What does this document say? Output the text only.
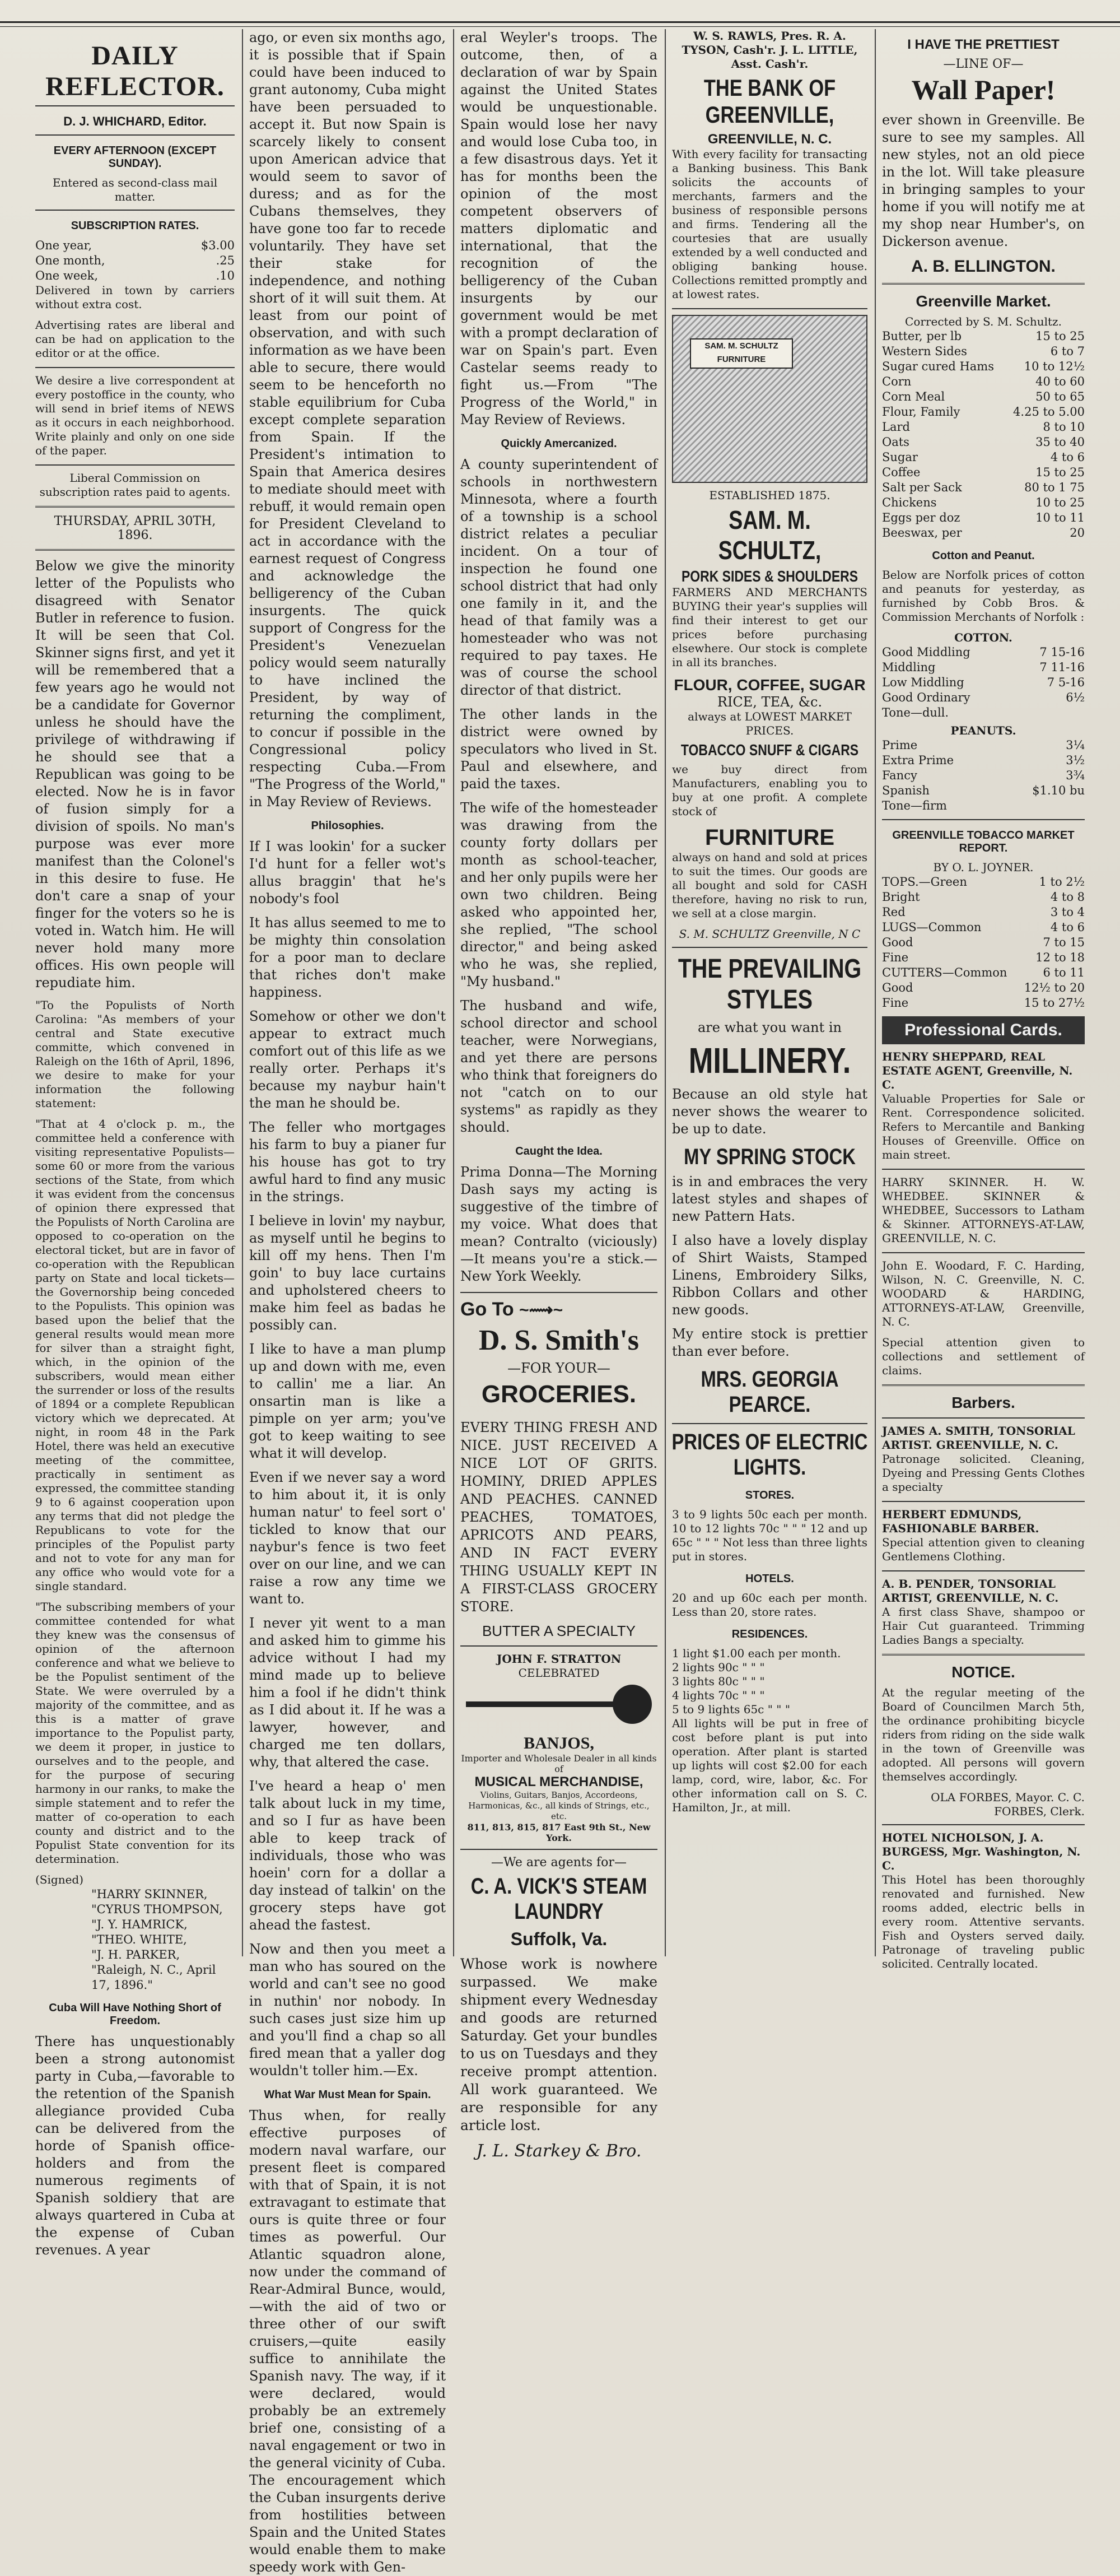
DAILY REFLECTOR.
D. J. WHICHARD, Editor.
EVERY AFTERNOON (EXCEPT SUNDAY).
Entered as second-class mail matter.
SUBSCRIPTION RATES.
One year,	$3.00
One month,	.25
One week,	.10

Delivered in town by carriers without extra cost.

Advertising rates are liberal and can be had on application to the editor or at the office.

We desire a live correspondent at every postoffice in the county, who will send in brief items of NEWS as it occurs in each neighborhood. Write plainly and only on one side of the paper.

Liberal Commission on subscription rates paid to agents.

THURSDAY, APRIL 30TH, 1896.

Below we give the minority letter of the Populists who disagreed with Senator Butler in reference to fusion. It will be seen that Col. Skinner signs first, and yet it will be remembered that a few years ago he would not be a candidate for Governor unless he should have the privilege of withdrawing if he should see that a Republican was going to be elected. Now he is in favor of fusion simply for a division of spoils. No man's purpose was ever more manifest than the Colonel's in this desire to fuse. He don't care a snap of your finger for the voters so he is voted in. Watch him. He will never hold many more offices. His own people will repudiate him.

"To the Populists of North Carolina: "As members of your central and State executive committe, which convened in Raleigh on the 16th of April, 1896, we desire to make for your information the following statement:

"That at 4 o'clock p. m., the committee held a conference with visiting representative Populists—some 60 or more from the various sections of the State, from which it was evident from the concensus of opinion there expressed that the Populists of North Carolina are opposed to co-operation on the electoral ticket, but are in favor of co-operation with the Republican party on State and local tickets—the Governorship being conceded to the Populists. This opinion was based upon the belief that the general results would mean more for silver than a straight fight, which, in the opinion of the subscribers, would mean either the surrender or loss of the results of 1894 or a complete Republican victory which we deprecated. At night, in room 48 in the Park Hotel, there was held an executive meeting of the committee, practically in sentiment as expressed, the committee standing 9 to 6 against cooperation upon any terms that did not pledge the Republicans to vote for the principles of the Populist party and not to vote for any man for any office who would vote for a single standard.

"The subscribing members of your committee contended for what they knew was the consensus of opinion of the afternoon conference and what we believe to be the Populist sentiment of the State. We were overruled by a majority of the committee, and as this is a matter of grave importance to the Populist party, we deem it proper, in justice to ourselves and to the people, and for the purpose of securing harmony in our ranks, to make the simple statement and to refer the matter of co-operation to each county and district and to the Populist State convention for its determination.

(Signed)
"HARRY SKINNER,
"CYRUS THOMPSON,
"J. Y. HAMRICK,
"THEO. WHITE,
"J. H. PARKER,
"Raleigh, N. C., April 17, 1896."
Cuba Will Have Nothing Short of Freedom.

There has unquestionably been a strong autonomist party in Cuba,—favorable to the retention of the Spanish allegiance provided Cuba can be delivered from the horde of Spanish office-holders and from the numerous regiments of Spanish soldiery that are always quartered in Cuba at the expense of Cuban revenues. A year

ago, or even six months ago, it is possible that if Spain could have been induced to grant autonomy, Cuba might have been persuaded to accept it. But now Spain is scarcely likely to consent upon American advice that would seem to savor of duress; and as for the Cubans themselves, they have gone too far to recede voluntarily. They have set their stake for independence, and nothing short of it will suit them. At least from our point of observation, and with such information as we have been able to secure, there would seem to be henceforth no stable equilibrium for Cuba except complete separation from Spain. If the President's intimation to Spain that America desires to mediate should meet with rebuff, it would remain open for President Cleveland to act in accordance with the earnest request of Congress and acknowledge the belligerency of the Cuban insurgents. The quick support of Congress for the President's Venezuelan policy would seem naturally to have inclined the President, by way of returning the compliment, to concur if possible in the Congressional policy respecting Cuba.—From "The Progress of the World," in May Review of Reviews.

Philosophies.

If I was lookin' for a sucker I'd hunt for a feller wot's allus braggin' that he's nobody's fool

It has allus seemed to me to be mighty thin consolation for a poor man to declare that riches don't make happiness.

Somehow or other we don't appear to extract much comfort out of this life as we really orter. Perhaps it's because my naybur hain't the man he should be.

The feller who mortgages his farm to buy a pianer fur his house has got to try awful hard to find any music in the strings.

I believe in lovin' my naybur, as myself until he begins to kill off my hens. Then I'm goin' to buy lace curtains and upholstered cheers to make him feel as badas he possibly can.

I like to have a man plump up and down with me, even to callin' me a liar. An onsartin man is like a pimple on yer arm; you've got to keep waiting to see what it will develop.

Even if we never say a word to him about it, it is only human natur' to feel sort o' tickled to know that our naybur's fence is two feet over on our line, and we can raise a row any time we want to.

I never yit went to a man and asked him to gimme his advice without I had my mind made up to believe him a fool if he didn't think as I did about it. If he was a lawyer, however, and charged me ten dollars, why, that altered the case.

I've heard a heap o' men talk about luck in my time, and so I fur as have been able to keep track of individuals, those who was hoein' corn for a dollar a day instead of talkin' on the grocery steps have got ahead the fastest.

Now and then you meet a man who has soured on the world and can't see no good in nuthin' nor nobody. In such cases just size him up and you'll find a chap so all fired mean that a yaller dog wouldn't toller him.—Ex.

What War Must Mean for Spain.

Thus when, for really effective purposes of modern naval warfare, our present fleet is compared with that of Spain, it is not extravagant to estimate that ours is quite three or four times as powerful. Our Atlantic squadron alone, now under the command of Rear-Admiral Bunce, would,—with the aid of two or three other of our swift cruisers,—quite easily suffice to annihilate the Spanish navy. The way, if it were declared, would probably be an extremely brief one, consisting of a naval engagement or two in the general vicinity of Cuba. The encouragement which the Cuban insurgents derive from hostilities between Spain and the United States would enable them to make speedy work with Gen-

eral Weyler's troops. The outcome, then, of a declaration of war by Spain against the United States would be unquestionable. Spain would lose her navy and would lose Cuba too, in a few disastrous days. Yet it has for months been the opinion of the most competent observers of matters diplomatic and international, that the recognition of the belligerency of the Cuban insurgents by our government would be met with a prompt declaration of war on Spain's part. Even Castelar seems ready to fight us.—From "The Progress of the World," in May Review of Reviews.

Quickly Amercanized.

A county superintendent of schools in northwestern Minnesota, where a fourth of a township is a school district relates a peculiar incident. On a tour of inspection he found one school district that had only one family in it, and the head of that family was a homesteader who was not required to pay taxes. He was of course the school director of that district.

The other lands in the district were owned by speculators who lived in St. Paul and elsewhere, and paid the taxes.

The wife of the homesteader was drawing from the county forty dollars per month as school-teacher, and her only pupils were her own two children. Being asked who appointed her, she replied, "The school director," and being asked who he was, she replied, "My husband."

The husband and wife, school director and school teacher, were Norwegians, and yet there are persons who think that foreigners do not "catch on to our systems" as rapidly as they should.

Caught the Idea.

Prima Donna—The Morning Dash says my acting is suggestive of the timbre of my voice. What does that mean? Contralto (viciously)—It means you're a stick.—New York Weekly.

Go To ~⟿~
D. S. Smith's
—FOR YOUR—
GROCERIES.

EVERY THING FRESH AND NICE. JUST RECEIVED A NICE LOT OF GRITS. HOMINY, DRIED APPLES AND PEACHES. CANNED PEACHES, TOMATOES, APRICOTS AND PEARS, AND IN FACT EVERY THING USUALLY KEPT IN A FIRST-CLASS GROCERY STORE.

BUTTER A SPECIALTY
JOHN F. STRATTON
CELEBRATED
BANJOS,
Importer and Wholesale Dealer in all kinds of
MUSICAL MERCHANDISE,
Violins, Guitars, Banjos, Accordeons, Harmonicas, &c., all kinds of Strings, etc., etc.
811, 813, 815, 817 East 9th St., New York.
—We are agents for—
C. A. VICK'S STEAM LAUNDRY
Suffolk, Va.

Whose work is nowhere surpassed. We make shipment every Wednesday and goods are returned Saturday. Get your bundles to us on Tuesdays and they receive prompt attention. All work guaranteed. We are responsible for any article lost.

J. L. Starkey & Bro.
W. S. RAWLS, Pres. R. A. TYSON, Cash'r. J. L. LITTLE, Asst. Cash'r.
THE BANK OF GREENVILLE,
GREENVILLE, N. C.

With every facility for transacting a Banking business. This Bank solicits the accounts of merchants, farmers and the business of responsible persons and firms. Tendering all the courtesies that are usually extended by a well conducted and obliging banking house. Collections remitted promptly and at lowest rates.

SAM. M. SCHULTZ FURNITURE
ESTABLISHED 1875.
SAM. M. SCHULTZ,
PORK SIDES & SHOULDERS

FARMERS AND MERCHANTS BUYING their year's supplies will find their interest to get our prices before purchasing elsewhere. Our stock is complete in all its branches.

FLOUR, COFFEE, SUGAR
RICE, TEA, &c.
always at LOWEST MARKET PRICES.
TOBACCO SNUFF & CIGARS

we buy direct from Manufacturers, enabling you to buy at one profit. A complete stock of

FURNITURE

always on hand and sold at prices to suit the times. Our goods are all bought and sold for CASH therefore, having no risk to run, we sell at a close margin.

S. M. SCHULTZ Greenville, N C
THE PREVAILING STYLES
are what you want in
MILLINERY.

Because an old style hat never shows the wearer to be up to date.

MY SPRING STOCK

is in and embraces the very latest styles and shapes of new Pattern Hats.

I also have a lovely display of Shirt Waists, Stamped Linens, Embroidery Silks, Ribbon Collars and other new goods.

My entire stock is prettier than ever before.

MRS. GEORGIA PEARCE.
PRICES OF ELECTRIC LIGHTS.
STORES.

3 to 9 lights 50c each per month. 10 to 12 lights 70c " " " 12 and up 65c " " " Not less than three lights put in stores.

HOTELS.

20 and up 60c each per month. Less than 20, store rates.

RESIDENCES.
1 light $1.00 each per month.
2 lights 90c " " "
3 lights 80c " " "
4 lights 70c " " "
5 to 9 lights 65c " " "

All lights will be put in free of cost before plant is put into operation. After plant is started up lights will cost $2.00 for each lamp, cord, wire, labor, &c. For other information call on S. C. Hamilton, Jr., at mill.

I HAVE THE PRETTIEST
—LINE OF—
Wall Paper!

ever shown in Greenville. Be sure to see my samples. All new styles, not an old piece in the lot. Will take pleasure in bringing samples to your home if you will notify me at my shop near Humber's, on Dickerson avenue.

A. B. ELLINGTON.
Greenville Market.
Corrected by S. M. Schultz.
Butter, per lb	15 to 25
Western Sides	6 to 7
Sugar cured Hams	10 to 12½
Corn	40 to 60
Corn Meal	50 to 65
Flour, Family	4.25 to 5.00
Lard	8 to 10
Oats	35 to 40
Sugar	4 to 6
Coffee	15 to 25
Salt per Sack	80 to 1 75
Chickens	10 to 25
Eggs per doz	10 to 11
Beeswax, per	20
Cotton and Peanut.

Below are Norfolk prices of cotton and peanuts for yesterday, as furnished by Cobb Bros. & Commission Merchants of Norfolk :

COTTON.
Good Middling	7 15-16
Middling	7 11-16
Low Middling	7 5-16
Good Ordinary	6½
Tone—dull.
PEANUTS.
Prime	3¼
Extra Prime	3½
Fancy	3¾
Spanish	$1.10 bu
Tone—firm
GREENVILLE TOBACCO MARKET REPORT.
BY O. L. JOYNER.
TOPS.—Green	1 to 2½
Bright	4 to 8
Red	3 to 4
LUGS—Common	4 to 6
Good	7 to 15
Fine	12 to 18
CUTTERS—Common	6 to 11
Good	12½ to 20
Fine	15 to 27½
Professional Cards.
HENRY SHEPPARD, REAL ESTATE AGENT, Greenville, N. C.

Valuable Properties for Sale or Rent. Correspondence solicited. Refers to Mercantile and Banking Houses of Greenville. Office on main street.

HARRY SKINNER. H. W. WHEDBEE. SKINNER & WHEDBEE, Successors to Latham & Skinner. ATTORNEYS-AT-LAW, GREENVILLE, N. C.

John E. Woodard, F. C. Harding, Wilson, N. C. Greenville, N. C. WOODARD & HARDING, ATTORNEYS-AT-LAW, Greenville, N. C.

Special attention given to collections and settlement of claims.

Barbers.
JAMES A. SMITH, TONSORIAL ARTIST. GREENVILLE, N. C.

Patronage solicited. Cleaning, Dyeing and Pressing Gents Clothes a specialty

HERBERT EDMUNDS, FASHIONABLE BARBER.

Special attention given to cleaning Gentlemens Clothing.

A. B. PENDER, TONSORIAL ARTIST, GREENVILLE, N. C.

A first class Shave, shampoo or Hair Cut guaranteed. Trimming Ladies Bangs a specialty.

NOTICE.

At the regular meeting of the Board of Councilmen March 5th, the ordinance prohibiting bicycle riders from riding on the side walk in the town of Greenville was adopted. All persons will govern themselves accordingly.

OLA FORBES, Mayor. C. C. FORBES, Clerk.
HOTEL NICHOLSON, J. A. BURGESS, Mgr. Washington, N. C.

This Hotel has been thoroughly renovated and furnished. New rooms added, electric bells in every room. Attentive servants. Fish and Oysters served daily. Patronage of traveling public solicited. Centrally located.
